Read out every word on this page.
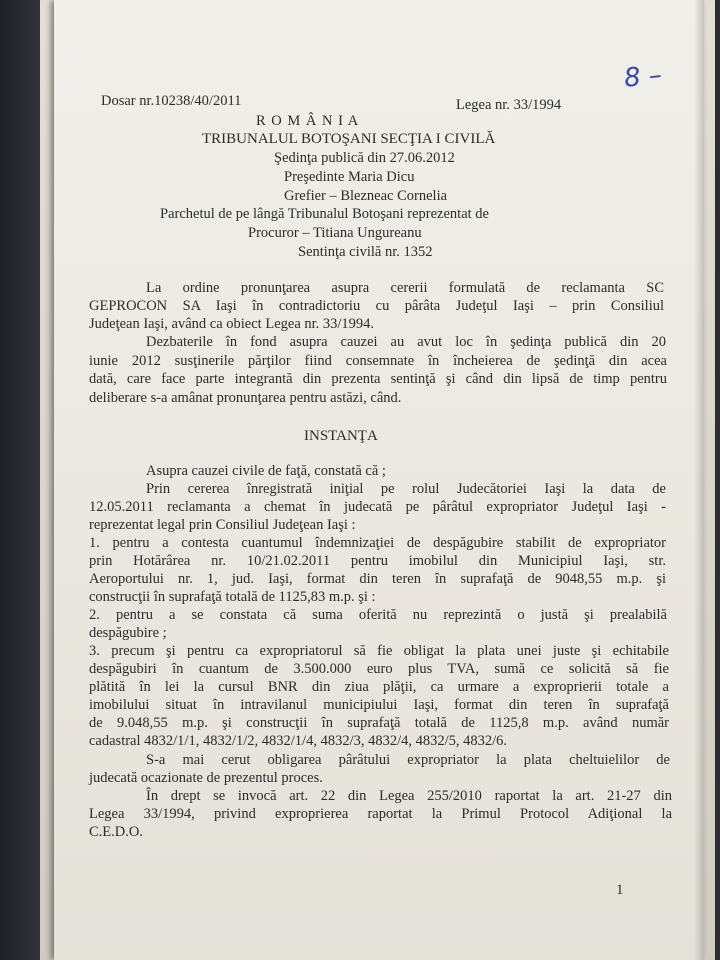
8 –
Dosar nr.10238/40/2011	Legea nr. 33/1994
R O M Â N I A
TRIBUNALUL BOTOŞANI SECŢIA I CIVILĂ
Şedinţa publică din 27.06.2012
Preşedinte Maria Dicu
Grefier – Blezneac Cornelia
Parchetul de pe lângă Tribunalul Botoşani reprezentat de
Procuror – Titiana Ungureanu
Sentinţa civilă nr. 1352
La ordine pronunţarea asupra cererii formulată de reclamanta SC
GEPROCON SA Iaşi în contradictoriu cu pârâta Judeţul Iaşi – prin Consiliul
Judeţean Iaşi, având ca obiect Legea nr. 33/1994.
Dezbaterile în fond asupra cauzei au avut loc în şedinţa publică din 20
iunie 2012 susţinerile părţilor fiind consemnate în încheierea de şedinţă din acea
dată, care face parte integrantă din prezenta sentinţă şi când din lipsă de timp pentru
deliberare s-a amânat pronunţarea pentru astăzi, când.
INSTANŢA
Asupra cauzei civile de faţă, constată că ;
Prin cererea înregistrată iniţial pe rolul Judecătoriei Iaşi la data de
12.05.2011 reclamanta a chemat în judecată pe pârâtul expropriator Judeţul Iaşi -
reprezentat legal prin Consiliul Judeţean Iaşi :
1. pentru a contesta cuantumul îndemnizaţiei de despăgubire stabilit de expropriator
prin Hotărârea nr. 10/21.02.2011 pentru imobilul din Municipiul Iaşi, str.
Aeroportului nr. 1, jud. Iaşi, format din teren în suprafaţă de 9048,55 m.p. şi
construcţii în suprafaţă totală de 1125,83 m.p. şi :
2. pentru a se constata că suma oferită nu reprezintă o justă şi prealabilă
despăgubire ;
3. precum şi pentru ca expropriatorul să fie obligat la plata unei juste şi echitabile
despăgubiri în cuantum de 3.500.000 euro plus TVA, sumă ce solicită să fie
plătită în lei la cursul BNR din ziua plăţii, ca urmare a exproprierii totale a
imobilului situat în intravilanul municipiului Iaşi, format din teren în suprafaţă
de 9.048,55 m.p. şi construcţii în suprafaţă totală de 1125,8 m.p. având număr
cadastral 4832/1/1, 4832/1/2, 4832/1/4, 4832/3, 4832/4, 4832/5, 4832/6.
S-a mai cerut obligarea pârâtului expropriator la plata cheltuielilor de
judecată ocazionate de prezentul proces.
În drept se invocă art. 22 din Legea 255/2010 raportat la art. 21-27 din
Legea 33/1994, privind exproprierea raportat la Primul Protocol Adiţional la
C.E.D.O.
1
